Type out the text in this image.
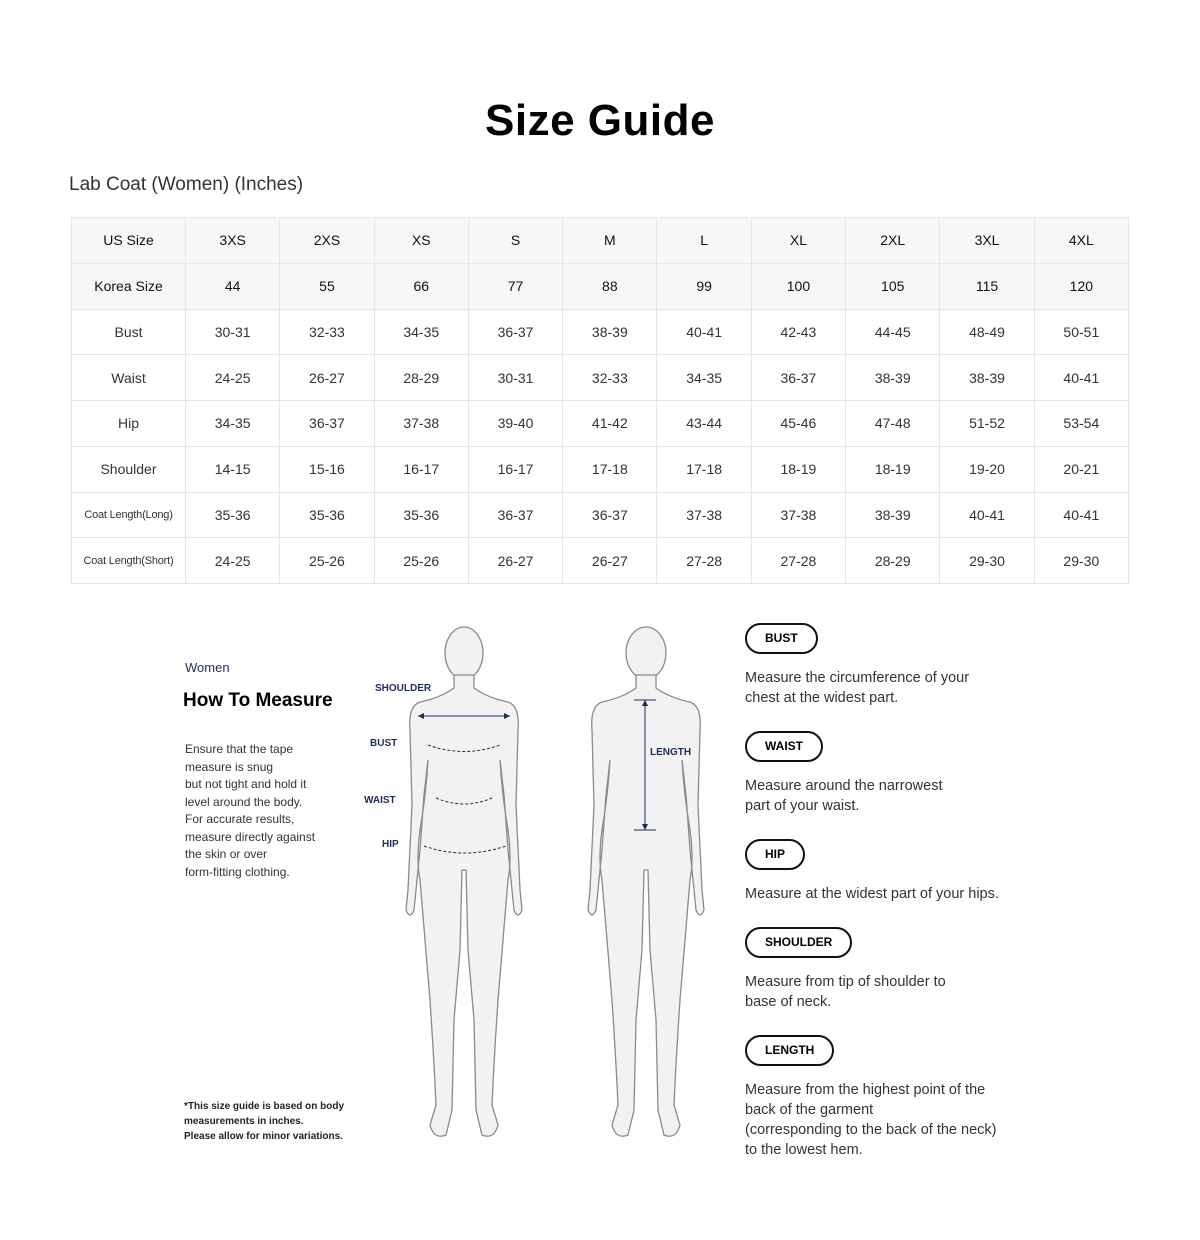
Size Guide
Lab Coat (Women) (Inches)
US Size	3XS	2XS	XS	S	M	L	XL	2XL	3XL	4XL
Korea Size	44	55	66	77	88	99	100	105	115	120
Bust	30-31	32-33	34-35	36-37	38-39	40-41	42-43	44-45	48-49	50-51
Waist	24-25	26-27	28-29	30-31	32-33	34-35	36-37	38-39	38-39	40-41
Hip	34-35	36-37	37-38	39-40	41-42	43-44	45-46	47-48	51-52	53-54
Shoulder	14-15	15-16	16-17	16-17	17-18	17-18	18-19	18-19	19-20	20-21
Coat Length(Long)	35-36	35-36	35-36	36-37	36-37	37-38	37-38	38-39	40-41	40-41
Coat Length(Short)	24-25	25-26	25-26	26-27	26-27	27-28	27-28	28-29	29-30	29-30
Women
How To Measure
Ensure that the tape
measure is snug
but not tight and hold it
level around the body.
For accurate results,
measure directly against
the skin or over
form-fitting clothing.
*This size guide is based on body
measurements in inches.
Please allow for minor variations.
SHOULDER
BUST
WAIST
HIP
LENGTH
BUST
Measure the circumference of your
chest at the widest part.
WAIST
Measure around the narrowest
part of your waist.
HIP
Measure at the widest part of your hips.
SHOULDER
Measure from tip of shoulder to
base of neck.
LENGTH
Measure from the highest point of the
back of the garment
(corresponding to the back of the neck)
to the lowest hem.
